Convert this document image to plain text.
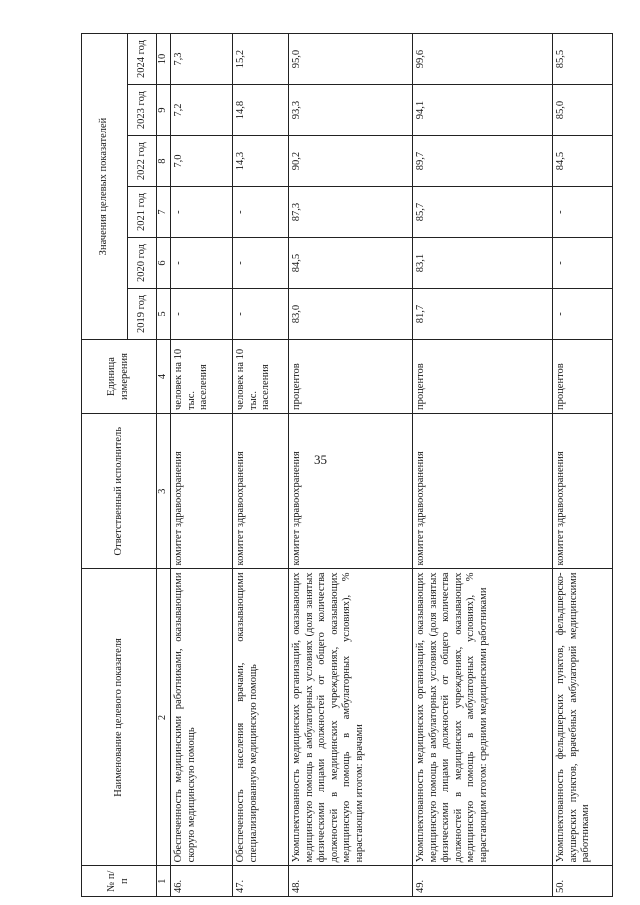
35
№ п/п	Наименование целевого показателя	Ответственный исполнитель	Единица измерения	Значения целевых показателей					
				2019 год	2020 год	2021 год	2022 год	2023 год	2024 год
1	2	3	4	5	6	7	8	9	10
46.	Обеспеченность медицинскими работниками, оказывающими скорую медицинскую помощь	комитет здравоохранения	человек на 10 тыс. населения	-	-	-	7,0	7,2	7,3
47.	Обеспеченность населения врачами, оказывающими специализированную медицинскую помощь	комитет здравоохранения	человек на 10 тыс. населения	-	-	-	14,3	14,8	15,2
48.	Укомплектованность медицинских организаций, оказывающих медицинскую помощь в амбулаторных условиях (доля занятых физическими лицами должностей от общего количества должностей в медицинских учреждениях, оказывающих медицинскую помощь в амбулаторных условиях), % нарастающим итогом: врачами	комитет здравоохранения	процентов	83,0	84,5	87,3	90,2	93,3	95,0
49.	Укомплектованность медицинских организаций, оказывающих медицинскую помощь в амбулаторных условиях (доля занятых физическими лицами должностей от общего количества должностей в медицинских учреждениях, оказывающих медицинскую помощь в амбулаторных условиях), % нарастающим итогом: средними медицинскими работниками	комитет здравоохранения	процентов	81,7	83,1	85,7	89,7	94,1	99,6
50.	Укомплектованность фельдшерских пунктов, фельдшерско-акушерских пунктов, врачебных амбулаторий медицинскими работниками	комитет здравоохранения	процентов	-	-	-	84,5	85,0	85,5
